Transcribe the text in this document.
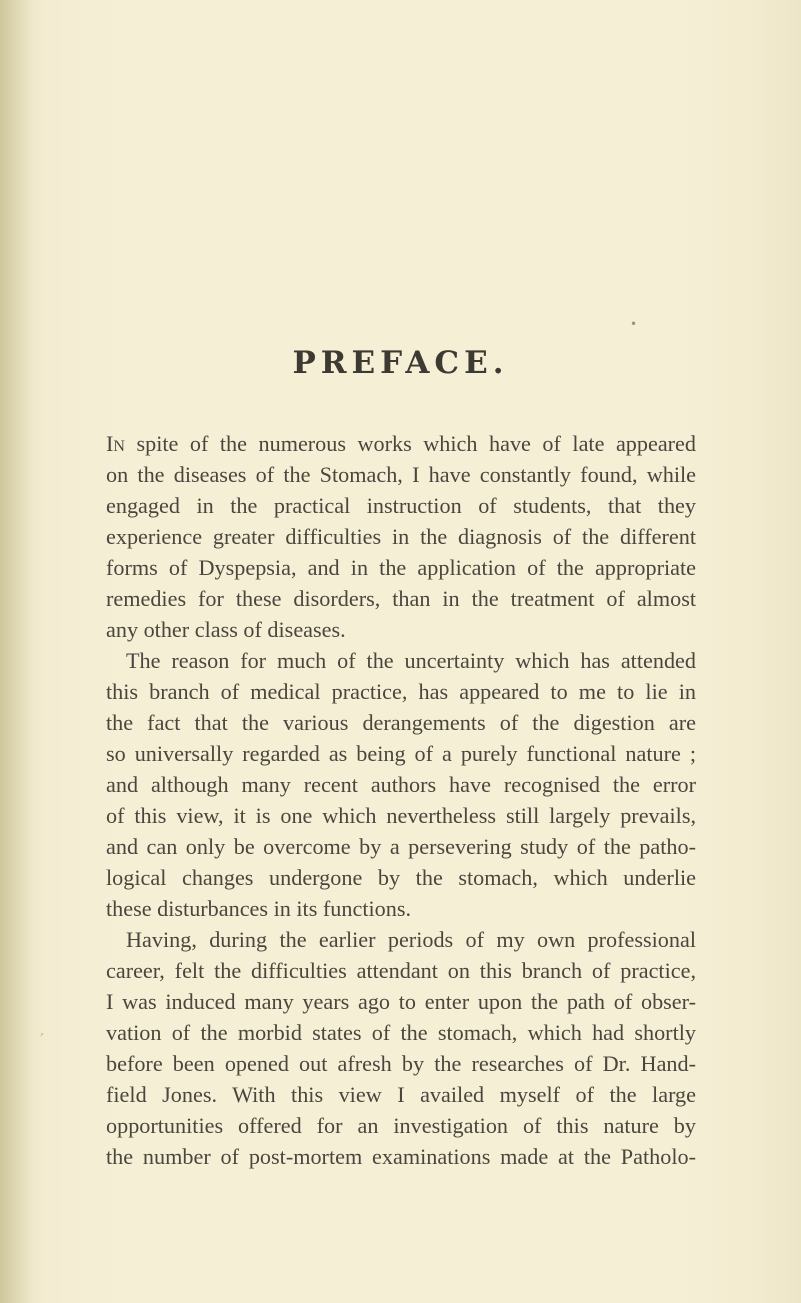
•
′
PREFACE.
In spite of the numerous works which have of late appeared
on the diseases of the Stomach, I have constantly found, while
engaged in the practical instruction of students, that they
experience greater difficulties in the diagnosis of the different
forms of Dyspepsia, and in the application of the appropriate
remedies for these disorders, than in the treatment of almost
any other class of diseases.
The reason for much of the uncertainty which has attended
this branch of medical practice, has appeared to me to lie in
the fact that the various derangements of the digestion are
so universally regarded as being of a purely functional nature ;
and although many recent authors have recognised the error
of this view, it is one which nevertheless still largely prevails,
and can only be overcome by a persevering study of the patho-
logical changes undergone by the stomach, which underlie
these disturbances in its functions.
Having, during the earlier periods of my own professional
career, felt the difficulties attendant on this branch of practice,
I was induced many years ago to enter upon the path of obser-
vation of the morbid states of the stomach, which had shortly
before been opened out afresh by the researches of Dr. Hand-
field Jones. With this view I availed myself of the large
opportunities offered for an investigation of this nature by
the number of post-mortem examinations made at the Patholo-
